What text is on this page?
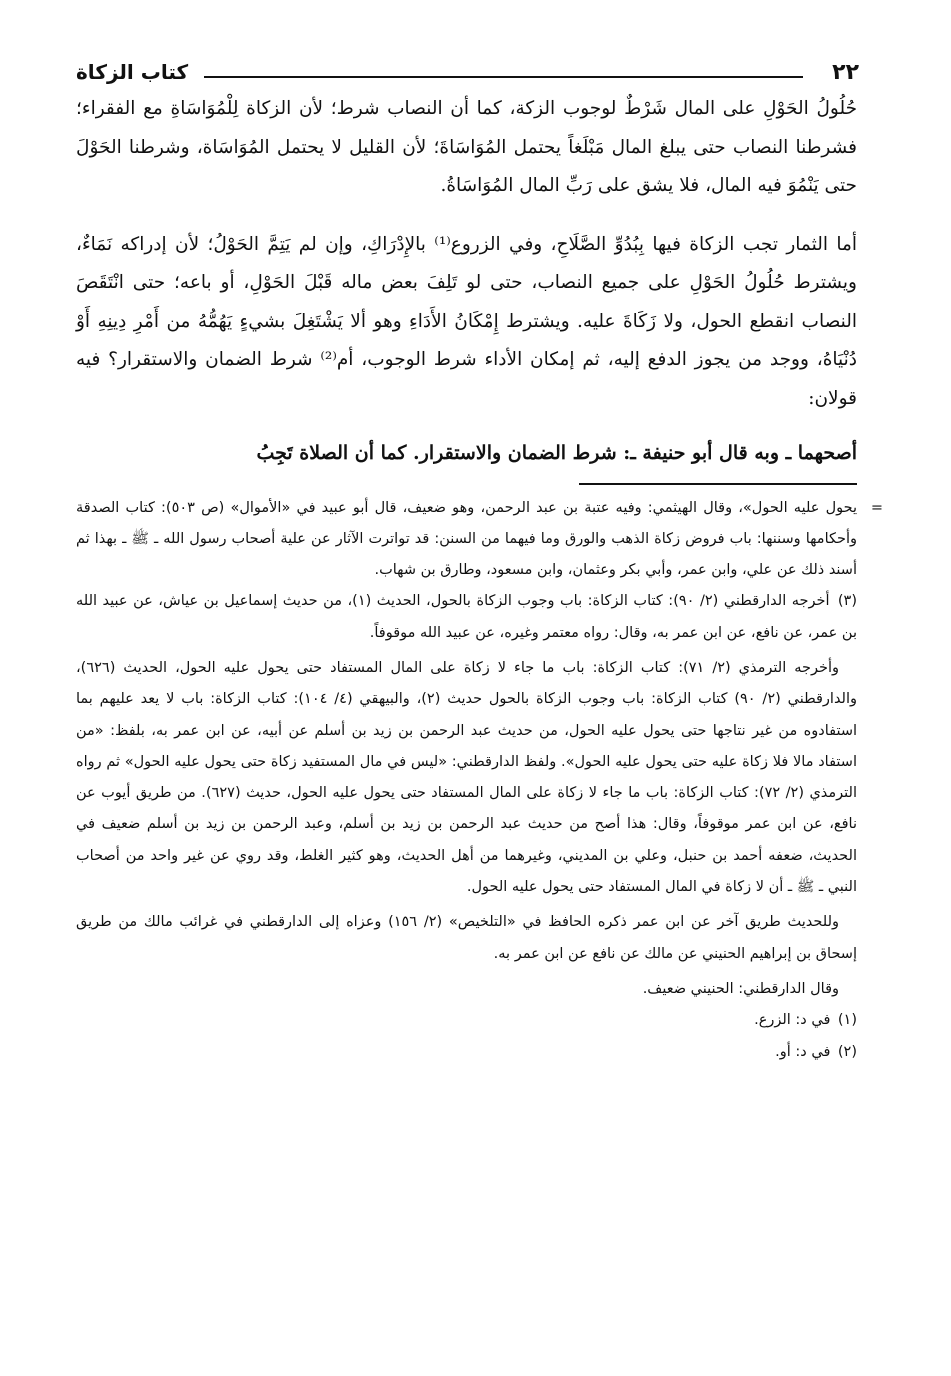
٢٢
كتاب الزكاة

حُلُولُ الحَوْلِ على المال شَرْطٌ لوجوب الزكة، كما أن النصاب شرط؛ لأن الزكاة لِلْمُوَاسَاةِ مع الفقراء؛ فشرطنا النصاب حتى يبلغ المال مَبْلَغاً يحتمل المُوَاسَاةَ؛ لأن القليل لا يحتمل المُوَاسَاة، وشرطنا الحَوْلَ حتى يَنْمُوَ فيه المال، فلا يشق على رَبِّ المال المُوَاسَاةُ.

أما الثمار تجب الزكاة فيها بِبُدُوِّ الصَّلَاحِ، وفي الزروع⁽¹⁾ بالإِدْرَاكِ، وإن لم يَتِمَّ الحَوْلُ؛ لأن إدراكه نَمَاءٌ، ويشترط حُلُولُ الحَوْلِ على جميع النصاب، حتى لو تَلِفَ بعض ماله قَبْلَ الحَوْلِ، أو باعه؛ حتى انْتَقَصَ النصاب انقطع الحول، ولا زَكَاةَ عليه. ويشترط إِمْكَانُ الأَدَاءِ وهو ألا يَشْتَغِلَ بشيءٍ يَهُمُّهُ من أَمْرِ دِينِهِ أَوْ دُنْيَاهُ، ووجد من يجوز الدفع إليه، ثم إمكان الأداء شرط الوجوب، أم⁽²⁾ شرط الضمان والاستقرار؟ فيه قولان:

أصحهما ـ وبه قال أبو حنيفة ـ: شرط الضمان والاستقرار. كما أن الصلاة تَجِبُ

=
يحول عليه الحول»، وقال الهيثمي: وفيه عتبة بن عبد الرحمن، وهو ضعيف، قال أبو عبيد في «الأموال» (ص ٥٠٣): كتاب الصدقة وأحكامها وسننها: باب فروض زكاة الذهب والورق وما فيهما من السنن: قد تواترت الآثار عن علية أصحاب رسول الله ـ ﷺ ـ بهذا ثم أسند ذلك عن علي، وابن عمر، وأبي بكر وعثمان، وابن مسعود، وطارق بن شهاب.

(٣) أخرجه الدارقطني (٢/ ٩٠): كتاب الزكاة: باب وجوب الزكاة بالحول، الحديث (١)، من حديث إسماعيل بن عياش، عن عبيد الله بن عمر، عن نافع، عن ابن عمر به، وقال: رواه معتمر وغيره، عن عبيد الله موقوفاً.

وأخرجه الترمذي (٢/ ٧١): كتاب الزكاة: باب ما جاء لا زكاة على المال المستفاد حتى يحول عليه الحول، الحديث (٦٢٦)، والدارقطني (٢/ ٩٠) كتاب الزكاة: باب وجوب الزكاة بالحول حديث (٢)، والبيهقي (٤/ ١٠٤): كتاب الزكاة: باب لا يعد عليهم بما استفادوه من غير نتاجها حتى يحول عليه الحول، من حديث عبد الرحمن بن زيد بن أسلم عن أبيه، عن ابن عمر به، بلفظ: «من استفاد مالا فلا زكاة عليه حتى يحول عليه الحول». ولفظ الدارقطني: «ليس في مال المستفيد زكاة حتى يحول عليه الحول» ثم رواه الترمذي (٢/ ٧٢): كتاب الزكاة: باب ما جاء لا زكاة على المال المستفاد حتى يحول عليه الحول، حديث (٦٢٧). من طريق أيوب عن نافع، عن ابن عمر موقوفاً، وقال: هذا أصح من حديث عبد الرحمن بن زيد بن أسلم، وعبد الرحمن بن زيد بن أسلم ضعيف في الحديث، ضعفه أحمد بن حنبل، وعلي بن المديني، وغيرهما من أهل الحديث، وهو كثير الغلط، وقد روي عن غير واحد من أصحاب النبي ـ ﷺ ـ أن لا زكاة في المال المستفاد حتى يحول عليه الحول.

وللحديث طريق آخر عن ابن عمر ذكره الحافظ في «التلخيص» (٢/ ١٥٦) وعزاه إلى الدارقطني في غرائب مالك من طريق إسحاق بن إبراهيم الحنيني عن مالك عن نافع عن ابن عمر به.

وقال الدارقطني: الحنيني ضعيف.

(١) في د: الزرع.

(٢) في د: أو.
